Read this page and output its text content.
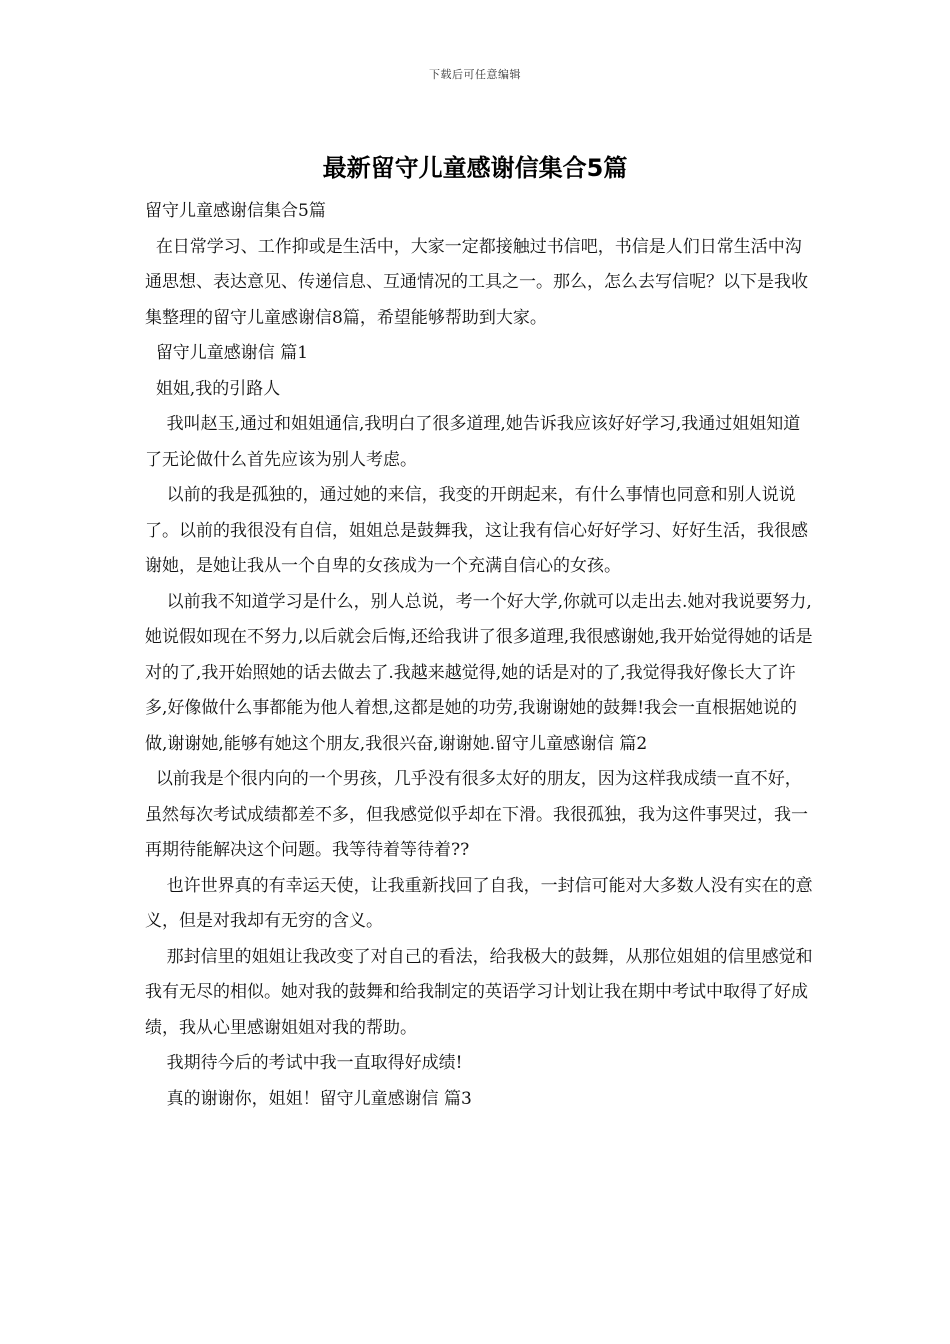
下载后可任意编辑
最新留守儿童感谢信集合5篇

留守儿童感谢信集合5篇

在日常学习、工作抑或是生活中，大家一定都接触过书信吧，书信是人们日常生活中沟通思想、表达意见、传递信息、互通情况的工具之一。那么，怎么去写信呢？以下是我收集整理的留守儿童感谢信8篇，希望能够帮助到大家。

留守儿童感谢信 篇1

姐姐,我的引路人

我叫赵玉,通过和姐姐通信,我明白了很多道理,她告诉我应该好好学习,我通过姐姐知道了无论做什么首先应该为别人考虑。

以前的我是孤独的，通过她的来信，我变的开朗起来，有什么事情也同意和别人说说了。以前的我很没有自信，姐姐总是鼓舞我，这让我有信心好好学习、好好生活，我很感谢她，是她让我从一个自卑的女孩成为一个充满自信心的女孩。

以前我不知道学习是什么，别人总说，考一个好大学,你就可以走出去.她对我说要努力,她说假如现在不努力,以后就会后悔,还给我讲了很多道理,我很感谢她,我开始觉得她的话是对的了,我开始照她的话去做去了.我越来越觉得,她的话是对的了,我觉得我好像长大了许多,好像做什么事都能为他人着想,这都是她的功劳,我谢谢她的鼓舞!我会一直根据她说的做,谢谢她,能够有她这个朋友,我很兴奋,谢谢她.留守儿童感谢信 篇2

以前我是个很内向的一个男孩，几乎没有很多太好的朋友，因为这样我成绩一直不好，虽然每次考试成绩都差不多，但我感觉似乎却在下滑。我很孤独，我为这件事哭过，我一再期待能解决这个问题。我等待着等待着??

也许世界真的有幸运天使，让我重新找回了自我，一封信可能对大多数人没有实在的意义，但是对我却有无穷的含义。

那封信里的姐姐让我改变了对自己的看法，给我极大的鼓舞，从那位姐姐的信里感觉和我有无尽的相似。她对我的鼓舞和给我制定的英语学习计划让我在期中考试中取得了好成绩，我从心里感谢姐姐对我的帮助。

我期待今后的考试中我一直取得好成绩!

真的谢谢你，姐姐！留守儿童感谢信 篇3
